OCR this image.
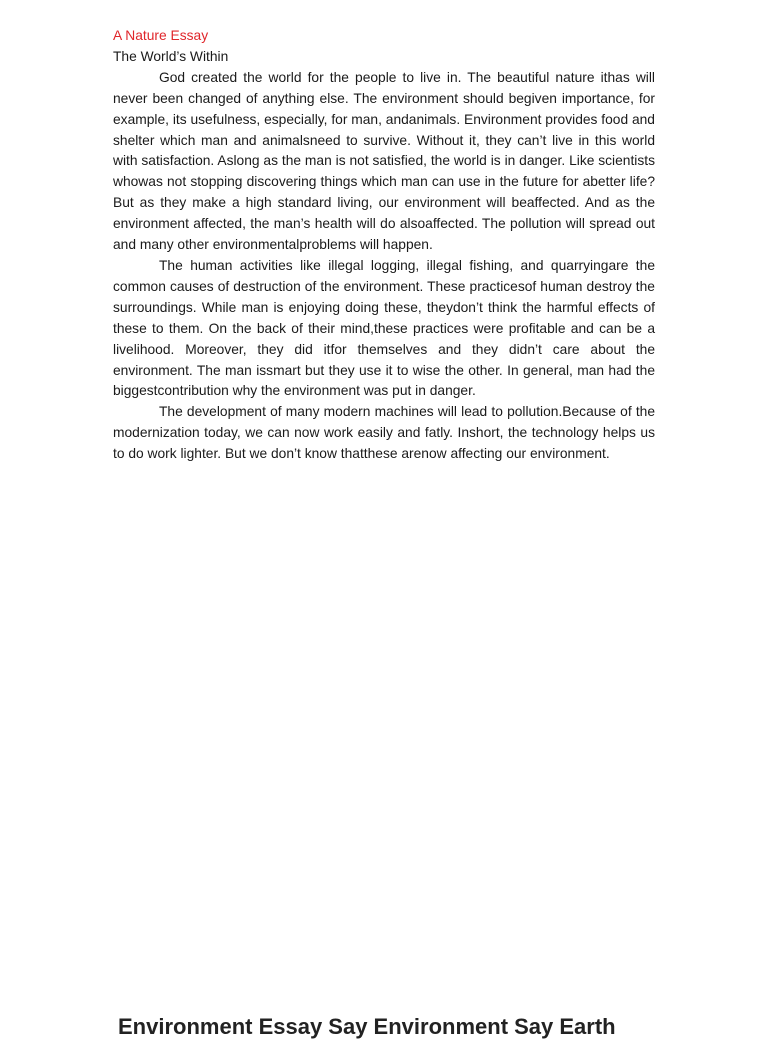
A Nature Essay
The World’s Within

God created the world for the people to live in. The beautiful nature ithas will never been changed of anything else. The environment should begiven importance, for example, its usefulness, especially, for man, andanimals. Environment provides food and shelter which man and animalsneed to survive. Without it, they can’t live in this world with satisfaction. Aslong as the man is not satisfied, the world is in danger. Like scientists whowas not stopping discovering things which man can use in the future for abetter life? But as they make a high standard living, our environment will beaffected. And as the environment affected, the man’s health will do alsoaffected. The pollution will spread out and many other environmentalproblems will happen.

The human activities like illegal logging, illegal fishing, and quarryingare the common causes of destruction of the environment. These practicesof human destroy the surroundings. While man is enjoying doing these, theydon’t think the harmful effects of these to them. On the back of their mind,these practices were profitable and can be a livelihood. Moreover, they did itfor themselves and they didn’t care about the environment. The man issmart but they use it to wise the other. In general, man had the biggestcontribution why the environment was put in danger.

The development of many modern machines will lead to pollution.Because of the modernization today, we can now work easily and fatly. Inshort, the technology helps us to do work lighter. But we don’t know thatthese arenow affecting our environment.

Environment Essay Say Environment Say Earth
